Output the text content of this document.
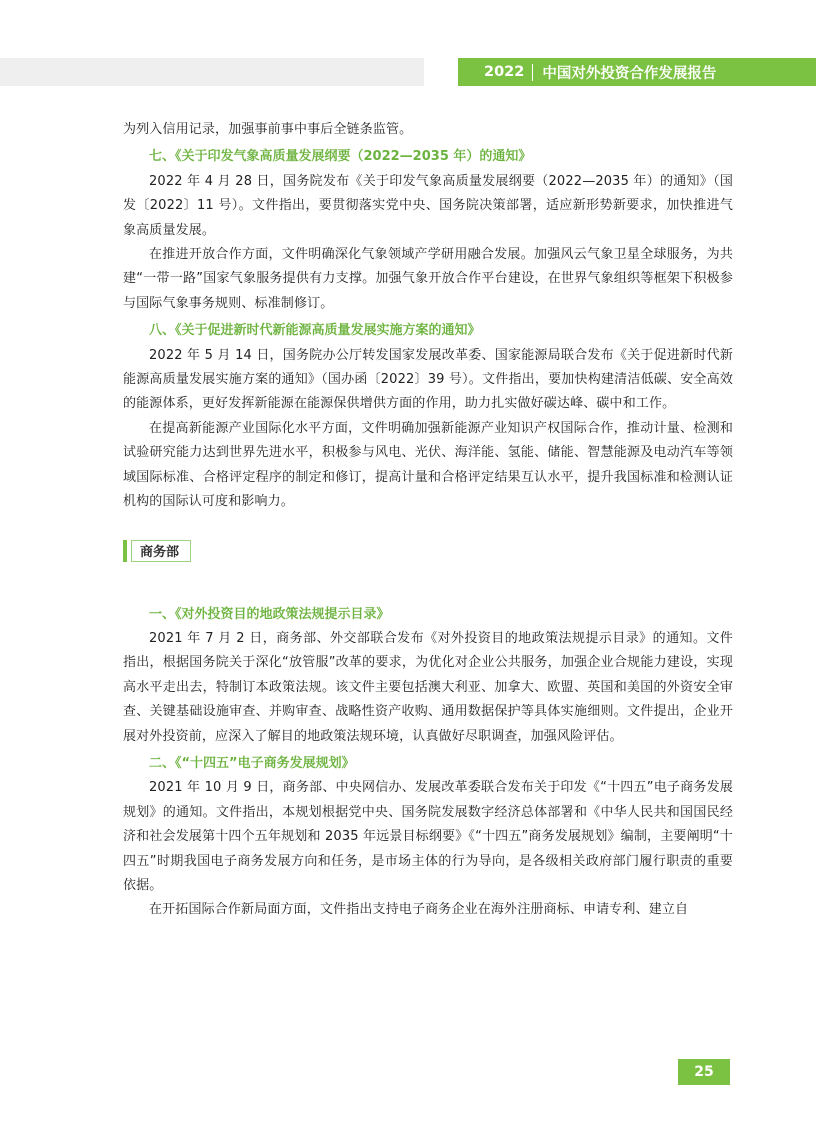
2022 中国对外投资合作发展报告

为列入信用记录，加强事前事中事后全链条监管。

七、《关于印发气象高质量发展纲要（2022—2035 年）的通知》

2022 年 4 月 28 日，国务院发布《关于印发气象高质量发展纲要（2022—2035 年）的通知》（国发〔2022〕11 号）。文件指出，要贯彻落实党中央、国务院决策部署，适应新形势新要求，加快推进气象高质量发展。

在推进开放合作方面，文件明确深化气象领域产学研用融合发展。加强风云气象卫星全球服务，为共建“一带一路”国家气象服务提供有力支撑。加强气象开放合作平台建设，在世界气象组织等框架下积极参与国际气象事务规则、标准制修订。

八、《关于促进新时代新能源高质量发展实施方案的通知》

2022 年 5 月 14 日，国务院办公厅转发国家发展改革委、国家能源局联合发布《关于促进新时代新能源高质量发展实施方案的通知》（国办函〔2022〕39 号）。文件指出，要加快构建清洁低碳、安全高效的能源体系，更好发挥新能源在能源保供增供方面的作用，助力扎实做好碳达峰、碳中和工作。

在提高新能源产业国际化水平方面，文件明确加强新能源产业知识产权国际合作，推动计量、检测和试验研究能力达到世界先进水平，积极参与风电、光伏、海洋能、氢能、储能、智慧能源及电动汽车等领域国际标准、合格评定程序的制定和修订，提高计量和合格评定结果互认水平，提升我国标准和检测认证机构的国际认可度和影响力。

商务部
一、《对外投资目的地政策法规提示目录》

2021 年 7 月 2 日，商务部、外交部联合发布《对外投资目的地政策法规提示目录》的通知。文件指出，根据国务院关于深化“放管服”改革的要求，为优化对企业公共服务，加强企业合规能力建设，实现高水平走出去，特制订本政策法规。该文件主要包括澳大利亚、加拿大、欧盟、英国和美国的外资安全审查、关键基础设施审查、并购审查、战略性资产收购、通用数据保护等具体实施细则。文件提出，企业开展对外投资前，应深入了解目的地政策法规环境，认真做好尽职调查，加强风险评估。

二、《“十四五”电子商务发展规划》

2021 年 10 月 9 日，商务部、中央网信办、发展改革委联合发布关于印发《“十四五”电子商务发展规划》的通知。文件指出，本规划根据党中央、国务院发展数字经济总体部署和《中华人民共和国国民经济和社会发展第十四个五年规划和 2035 年远景目标纲要》《“十四五”商务发展规划》编制，主要阐明“十四五”时期我国电子商务发展方向和任务，是市场主体的行为导向，是各级相关政府部门履行职责的重要依据。

在开拓国际合作新局面方面，文件指出支持电子商务企业在海外注册商标、申请专利、建立自

25
